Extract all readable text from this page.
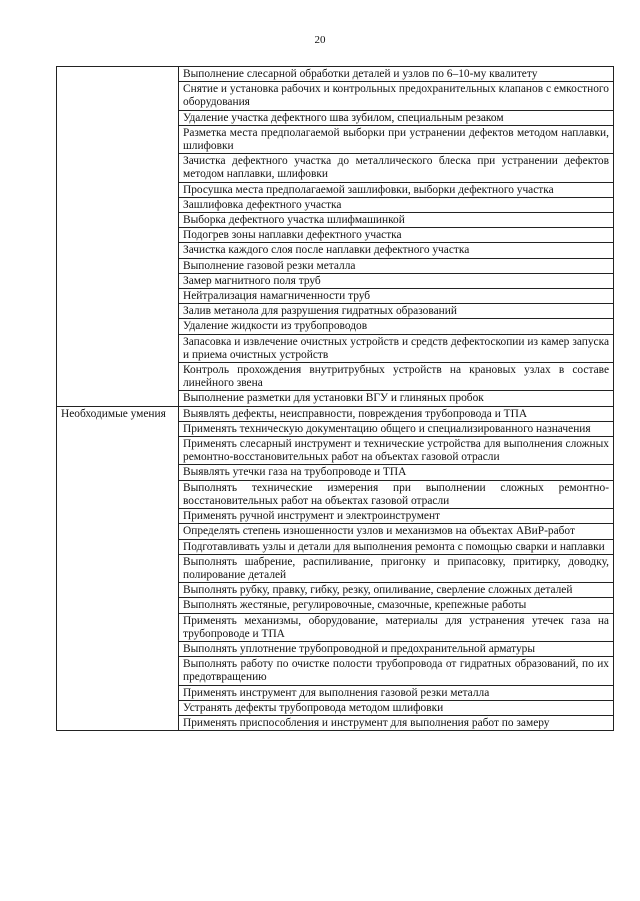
20
	Выполнение слесарной обработки деталей и узлов по 6–10-му квалитету
	Снятие и установка рабочих и контрольных предохранительных клапанов с емкостного оборудования
	Удаление участка дефектного шва зубилом, специальным резаком
	Разметка места предполагаемой выборки при устранении дефектов методом наплавки, шлифовки
	Зачистка дефектного участка до металлического блеска при устранении дефектов методом наплавки, шлифовки
	Просушка места предполагаемой зашлифовки, выборки дефектного участка
	Зашлифовка дефектного участка
	Выборка дефектного участка шлифмашинкой
	Подогрев зоны наплавки дефектного участка
	Зачистка каждого слоя после наплавки дефектного участка
	Выполнение газовой резки металла
	Замер магнитного поля труб
	Нейтрализация намагниченности труб
	Залив метанола для разрушения гидратных образований
	Удаление жидкости из трубопроводов
	Запасовка и извлечение очистных устройств и средств дефектоскопии из камер запуска и приема очистных устройств
	Контроль прохождения внутритрубных устройств на крановых узлах в составе линейного звена
	Выполнение разметки для установки ВГУ и глиняных пробок
Необходимые умения	Выявлять дефекты, неисправности, повреждения трубопровода и ТПА
	Применять техническую документацию общего и специализированного назначения
	Применять слесарный инструмент и технические устройства для выполнения сложных ремонтно-восстановительных работ на объектах газовой отрасли
	Выявлять утечки газа на трубопроводе и ТПА
	Выполнять технические измерения при выполнении сложных ремонтно-восстановительных работ на объектах газовой отрасли
	Применять ручной инструмент и электроинструмент
	Определять степень изношенности узлов и механизмов на объектах АВиР-работ
	Подготавливать узлы и детали для выполнения ремонта с помощью сварки и наплавки
	Выполнять шабрение, распиливание, пригонку и припасовку, притирку, доводку, полирование деталей
	Выполнять рубку, правку, гибку, резку, опиливание, сверление сложных деталей
	Выполнять жестяные, регулировочные, смазочные, крепежные работы
	Применять механизмы, оборудование, материалы для устранения утечек газа на трубопроводе и ТПА
	Выполнять уплотнение трубопроводной и предохранительной арматуры
	Выполнять работу по очистке полости трубопровода от гидратных образований, по их предотвращению
	Применять инструмент для выполнения газовой резки металла
	Устранять дефекты трубопровода методом шлифовки
	Применять приспособления и инструмент для выполнения работ по замеру
